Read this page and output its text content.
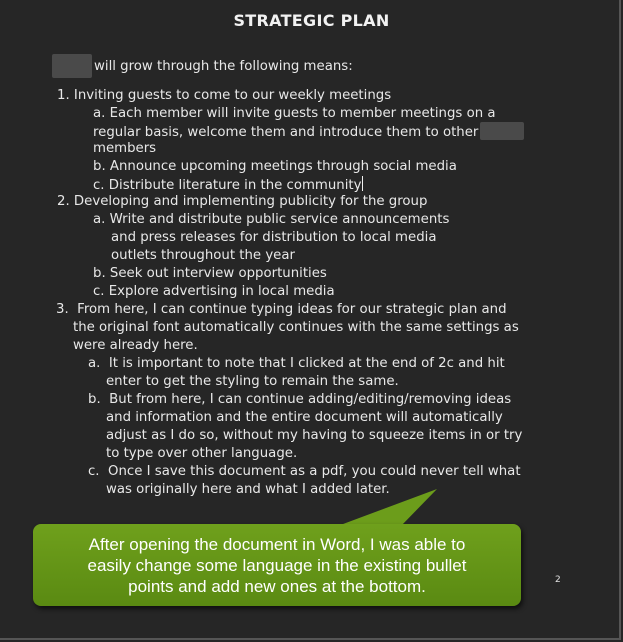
STRATEGIC PLAN
will grow through the following means:
1. Inviting guests to come to our weekly meetings
a. Each member will invite guests to member meetings on a
regular basis, welcome them and introduce them to other
members
b. Announce upcoming meetings through social media
c. Distribute literature in the community
2. Developing and implementing publicity for the group
a. Write and distribute public service announcements
and press releases for distribution to local media
outlets throughout the year
b. Seek out interview opportunities
c. Explore advertising in local media
3. From here, I can continue typing ideas for our strategic plan and
the original font automatically continues with the same settings as
were already here.
a. It is important to note that I clicked at the end of 2c and hit
enter to get the styling to remain the same.
b. But from here, I can continue adding/editing/removing ideas
and information and the entire document will automatically
adjust as I do so, without my having to squeeze items in or try
to type over other language.
c. Once I save this document as a pdf, you could never tell what
was originally here and what I added later.
2
After opening the document in Word, I was able to
easily change some language in the existing bullet
points and add new ones at the bottom.
